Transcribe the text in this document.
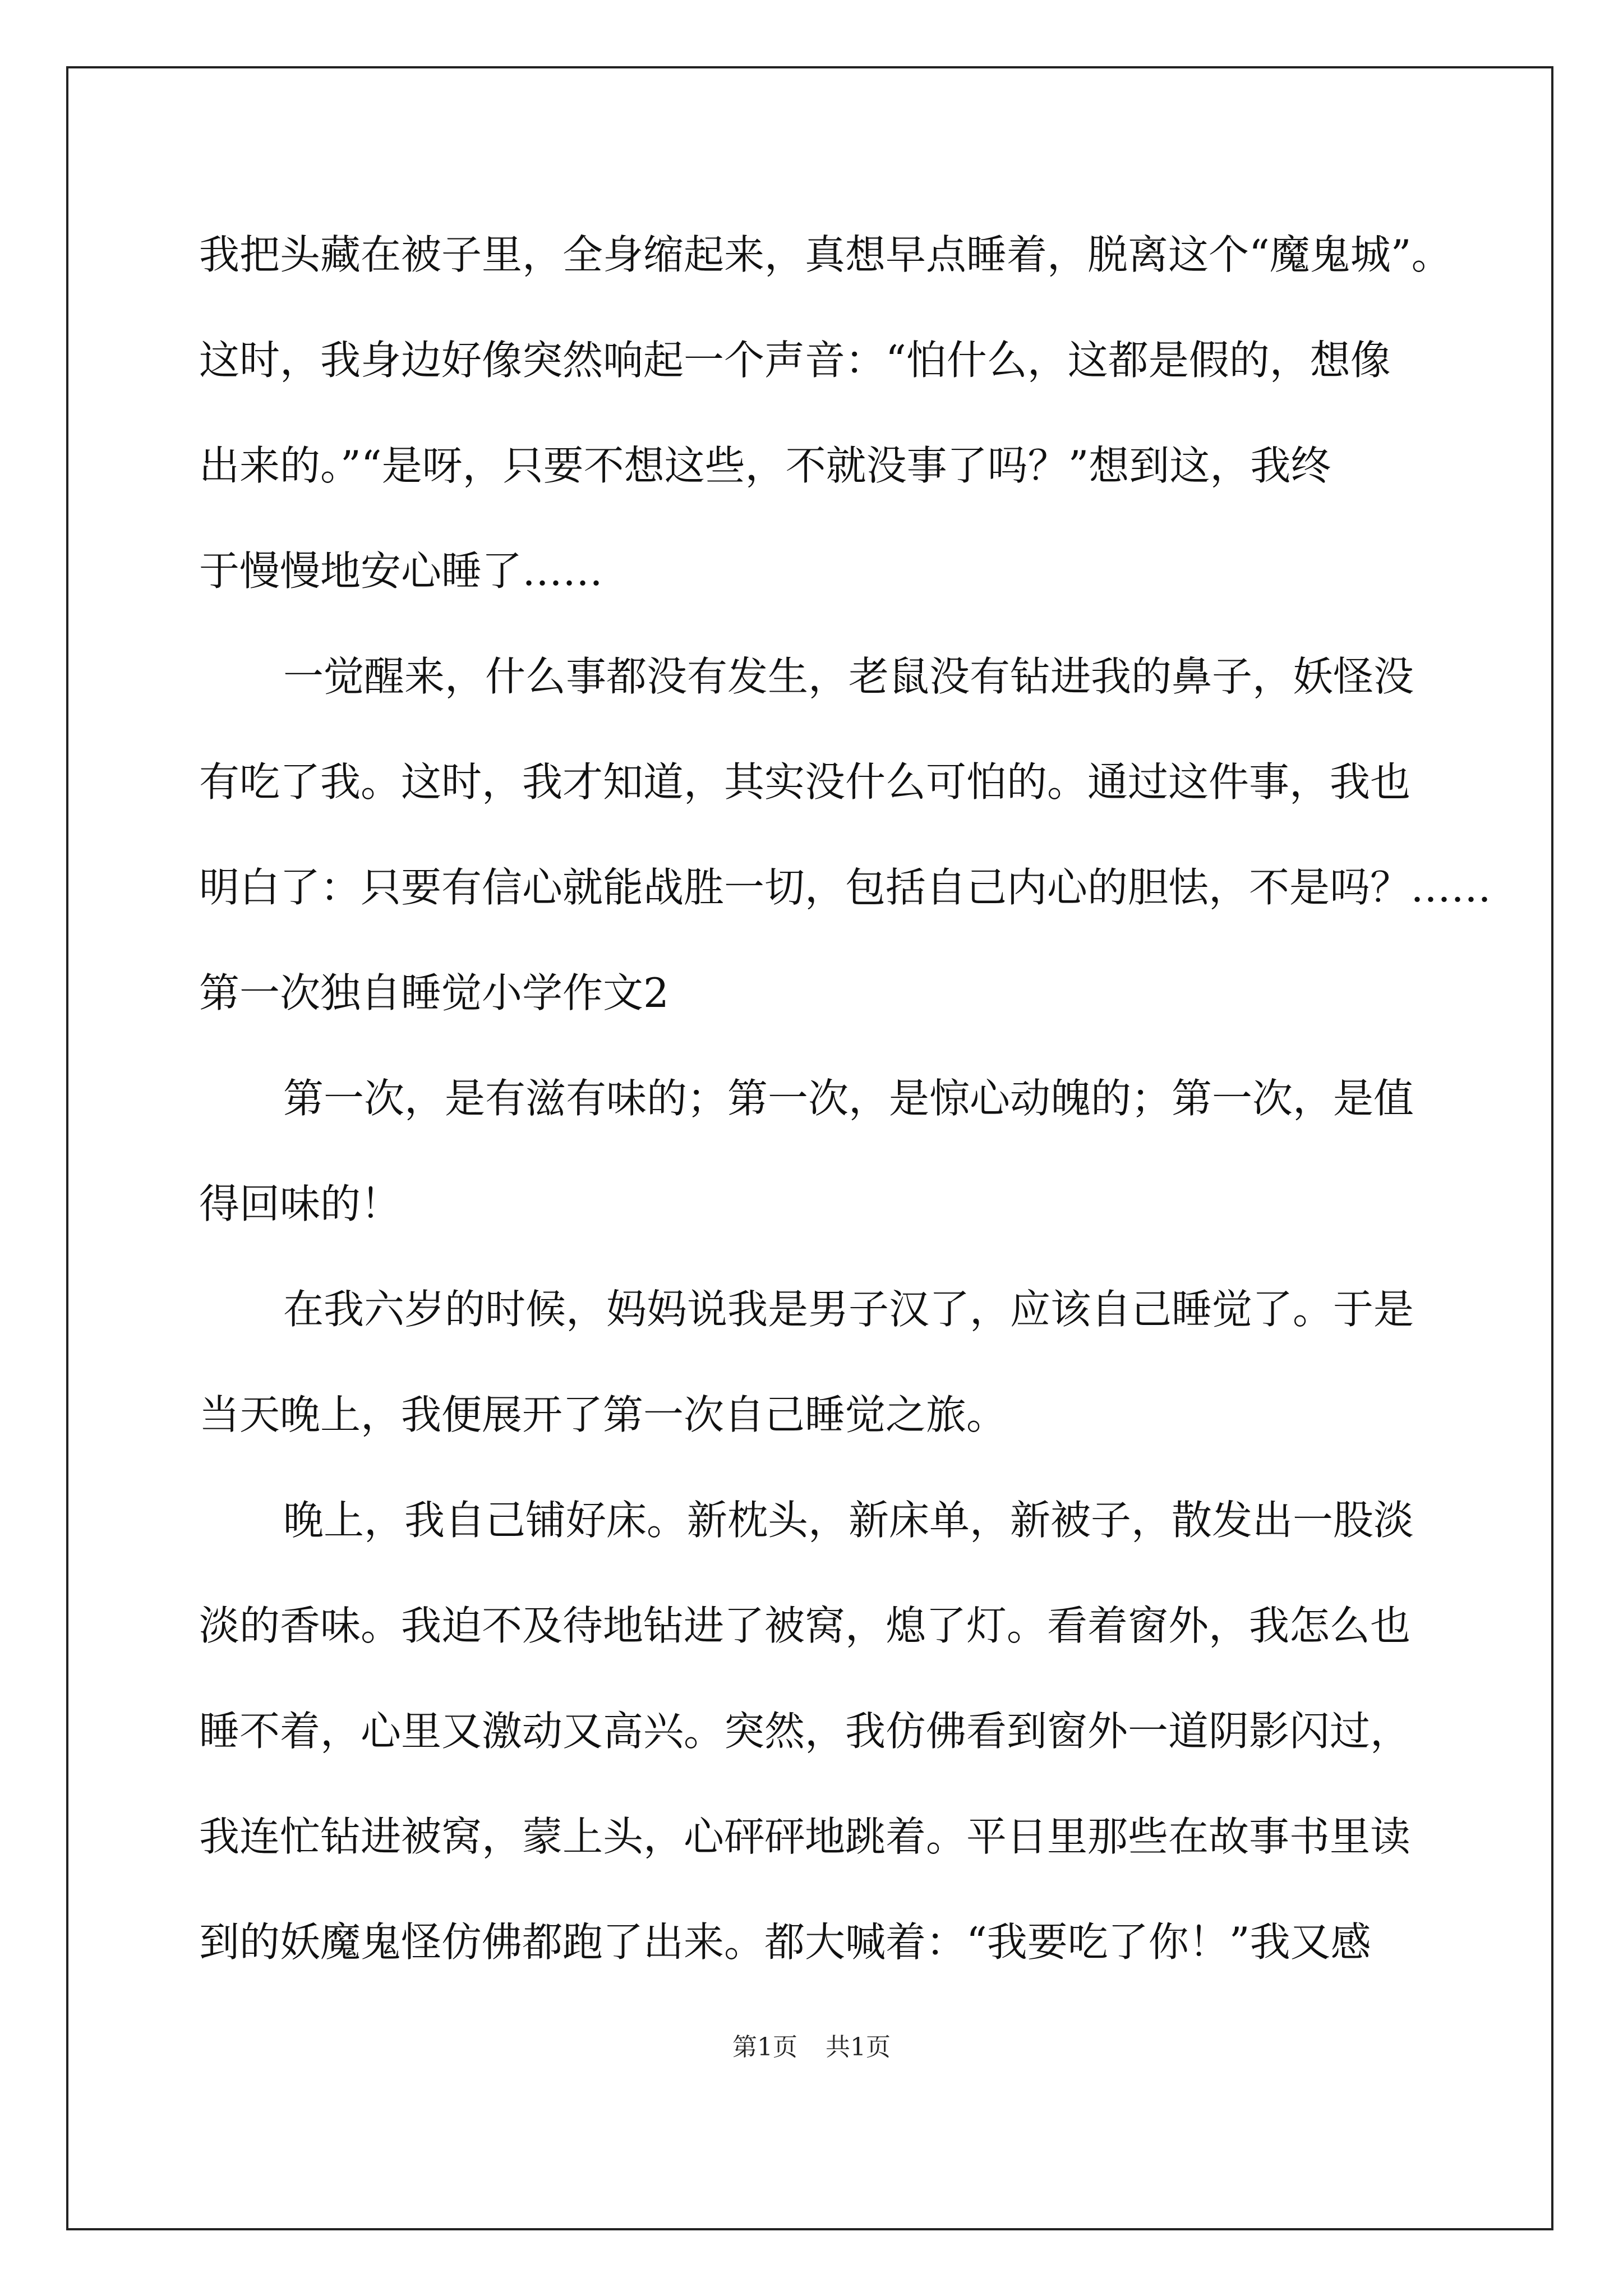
我把头藏在被子里，全身缩起来，真想早点睡着，脱离这个“魔鬼城”。
这时，我身边好像突然响起一个声音：“怕什么，这都是假的，想像
出来的。”“是呀，只要不想这些，不就没事了吗？”想到这，我终
于慢慢地安心睡了……
一觉醒来，什么事都没有发生，老鼠没有钻进我的鼻子，妖怪没
有吃了我。这时，我才知道，其实没什么可怕的。通过这件事，我也
明白了：只要有信心就能战胜一切，包括自己内心的胆怯，不是吗？……
第一次独自睡觉小学作文2
第一次，是有滋有味的；第一次，是惊心动魄的；第一次，是值
得回味的！
在我六岁的时候，妈妈说我是男子汉了，应该自己睡觉了。于是
当天晚上，我便展开了第一次自己睡觉之旅。
晚上，我自己铺好床。新枕头，新床单，新被子，散发出一股淡
淡的香味。我迫不及待地钻进了被窝，熄了灯。看着窗外，我怎么也
睡不着，心里又激动又高兴。突然，我仿佛看到窗外一道阴影闪过，
我连忙钻进被窝，蒙上头，心砰砰地跳着。平日里那些在故事书里读
到的妖魔鬼怪仿佛都跑了出来。都大喊着：“我要吃了你！”我又感
第1页 共1页
